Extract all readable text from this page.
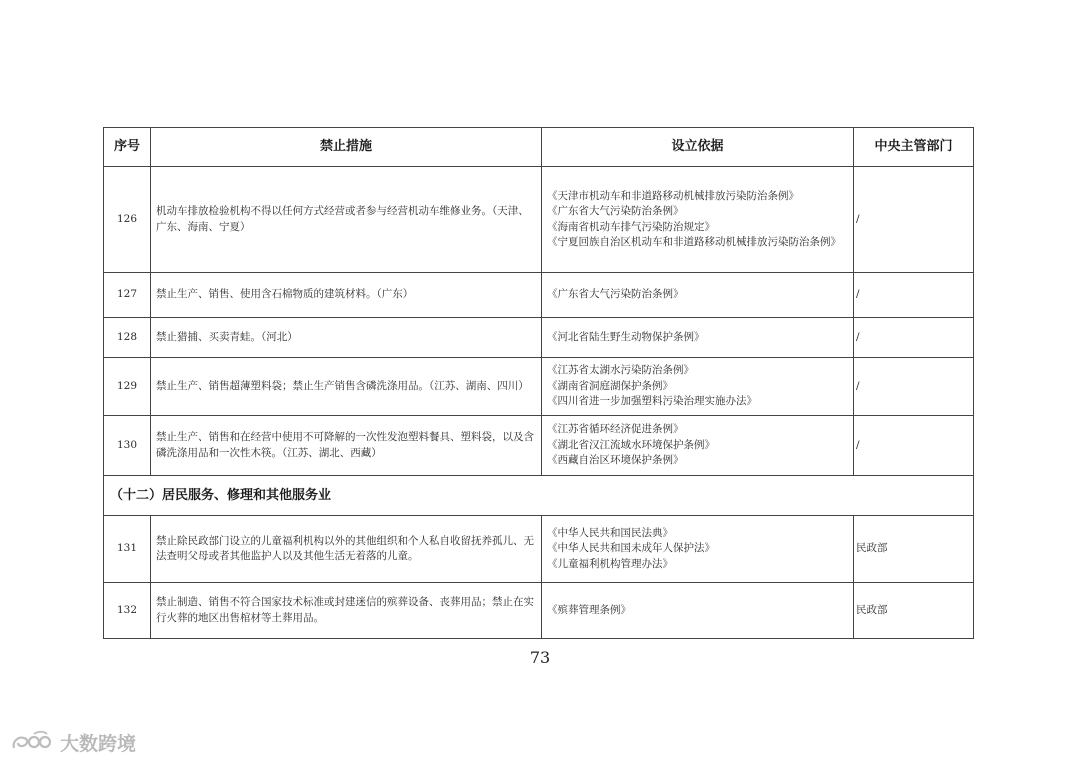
序号	禁止措施	设立依据	中央主管部门
126	机动车排放检验机构不得以任何方式经营或者参与经营机动车维修业务。（天津、广东、海南、宁夏）	《天津市机动车和非道路移动机械排放污染防治条例》
《广东省大气污染防治条例》
《海南省机动车排气污染防治规定》
《宁夏回族自治区机动车和非道路移动机械排放污染防治条例》	/
127	禁止生产、销售、使用含石棉物质的建筑材料。（广东）	《广东省大气污染防治条例》	/
128	禁止猎捕、买卖青蛙。（河北）	《河北省陆生野生动物保护条例》	/
129	禁止生产、销售超薄塑料袋；禁止生产销售含磷洗涤用品。（江苏、湖南、四川）	《江苏省太湖水污染防治条例》
《湖南省洞庭湖保护条例》
《四川省进一步加强塑料污染治理实施办法》	/
130	禁止生产、销售和在经营中使用不可降解的一次性发泡塑料餐具、塑料袋，以及含磷洗涤用品和一次性木筷。（江苏、湖北、西藏）	《江苏省循环经济促进条例》
《湖北省汉江流域水环境保护条例》
《西藏自治区环境保护条例》	/
（十二）居民服务、修理和其他服务业			
131	禁止除民政部门设立的儿童福利机构以外的其他组织和个人私自收留抚养孤儿、无法查明父母或者其他监护人以及其他生活无着落的儿童。	《中华人民共和国民法典》
《中华人民共和国未成年人保护法》
《儿童福利机构管理办法》	民政部
132	禁止制造、销售不符合国家技术标准或封建迷信的殡葬设备、丧葬用品；禁止在实行火葬的地区出售棺材等土葬用品。	《殡葬管理条例》	民政部
73
大数跨境
